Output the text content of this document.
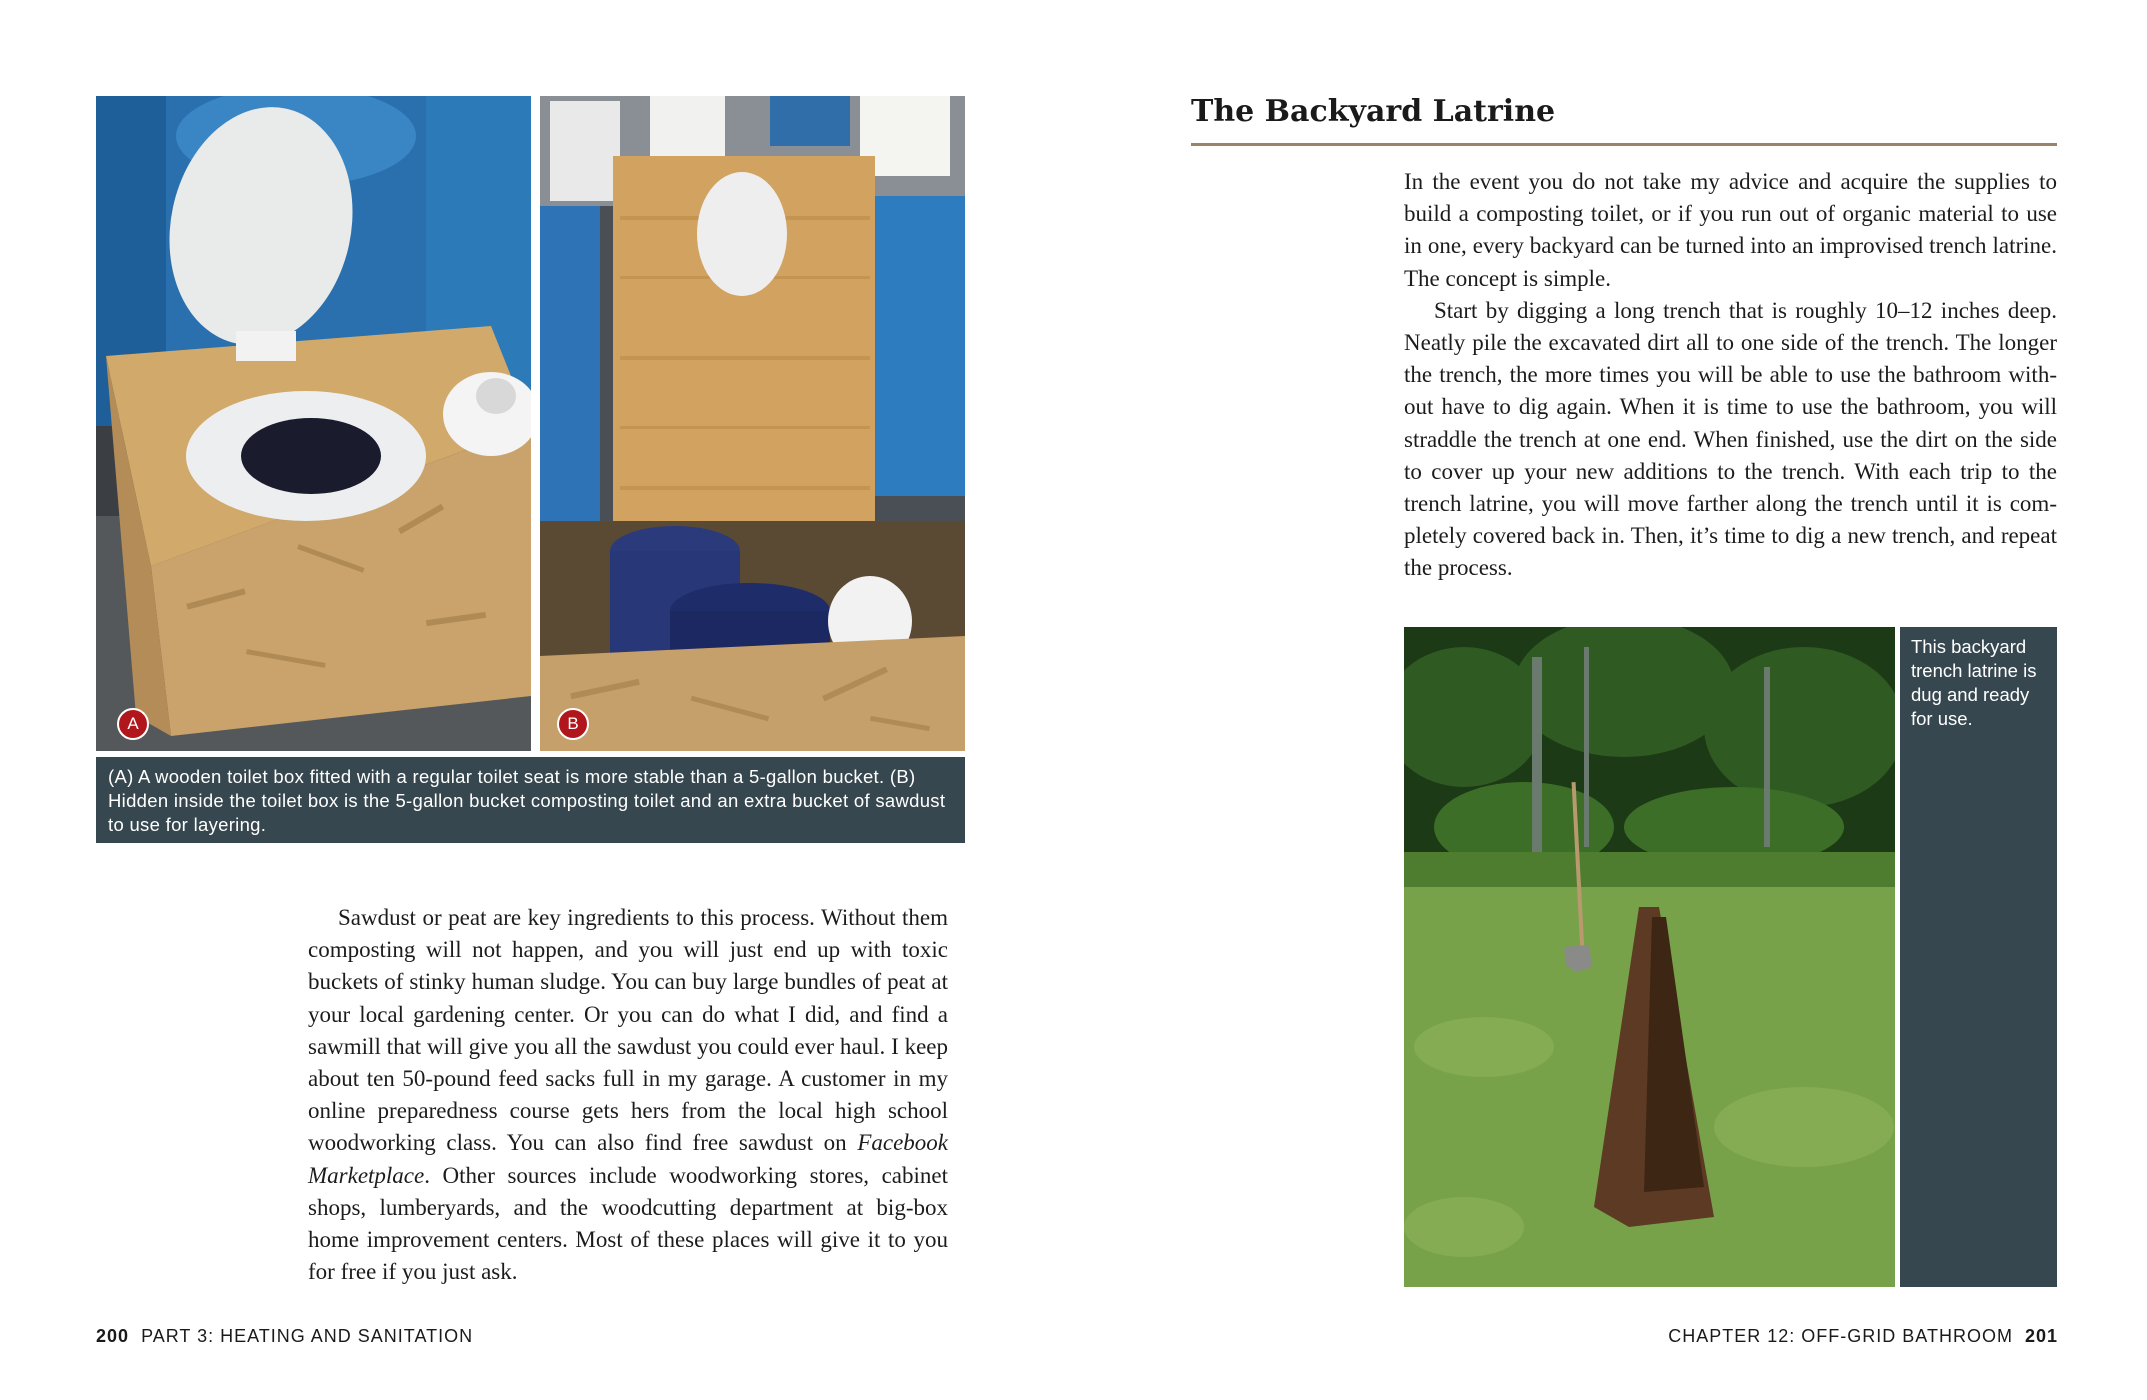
A	B
(A) A wooden toilet box fitted with a regular toilet seat is more stable than a 5-gallon bucket. (B) Hidden inside the toilet box is the 5-gallon bucket composting toilet and an extra bucket of sawdust to use for layering.

Sawdust or peat are key ingredients to this process. Without them composting will not happen, and you will just end up with toxic buckets of stinky human sludge. You can buy large bundles of peat at your local gardening center. Or you can do what I did, and find a sawmill that will give you all the sawdust you could ever haul. I keep about ten 50-pound feed sacks full in my garage. A customer in my online preparedness course gets hers from the local high school woodworking class. You can also find free sawdust on Facebook Marketplace. Other sources include woodworking stores, cabinet shops, lumberyards, and the woodcutting department at big-box home improvement centers. Most of these places will give it to you for free if you just ask.

200 PART 3: HEATING AND SANITATION
The Backyard Latrine

In the event you do not take my advice and acquire the supplies to build a composting toilet, or if you run out of organic material to use in one, every backyard can be turned into an improvised trench latrine. The concept is simple.

Start by digging a long trench that is roughly 10–12 inches deep. Neatly pile the excavated dirt all to one side of the trench. The longer the trench, the more times you will be able to use the bathroom without have to dig again. When it is time to use the bathroom, you will straddle the trench at one end. When finished, use the dirt on the side to cover up your new additions to the trench. With each trip to the trench latrine, you will move farther along the trench until it is completely covered back in. Then, it’s time to dig a new trench, and repeat the process.

This backyard trench latrine is dug and ready for use.
CHAPTER 12: OFF-GRID BATHROOM 201
